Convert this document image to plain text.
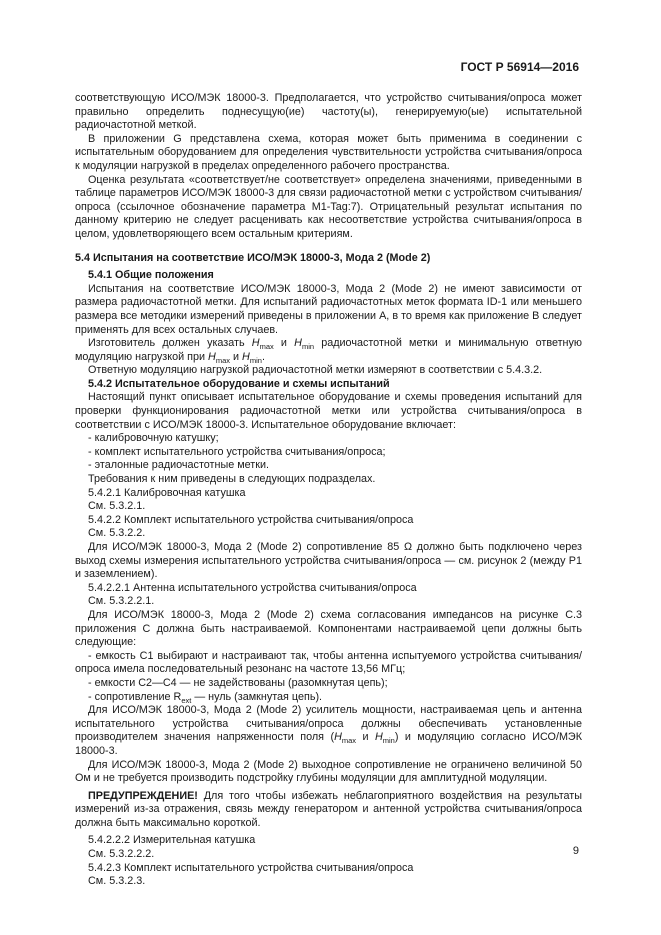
ГОСТ Р 56914—2016

соответствующую ИСО/МЭК 18000-3. Предполагается, что устройство считывания/опроса может правильно определить поднесущую(ие) частоту(ы), генерируемую(ые) испытательной радиочастотной меткой.

В приложении G представлена схема, которая может быть применима в соединении с испытательным оборудованием для определения чувствительности устройства считывания/опроса к модуляции нагрузкой в пределах определенного рабочего пространства.

Оценка результата «соответствует/не соответствует» определена значениями, приведенными в таблице параметров ИСО/МЭК 18000-3 для связи радиочастотной метки с устройством считывания/опроса (ссылочное обозначение параметра М1-Tag:7). Отрицательный результат испытания по данному критерию не следует расценивать как несоответствие устройства считывания/опроса в целом, удовлетворяющего всем остальным критериям.

5.4 Испытания на соответствие ИСО/МЭК 18000-3, Мода 2 (Mode 2)

5.4.1 Общие положения

Испытания на соответствие ИСО/МЭК 18000-3, Мода 2 (Mode 2) не имеют зависимости от размера радиочастотной метки. Для испытаний радиочастотных меток формата ID-1 или меньшего размера все методики измерений приведены в приложении А, в то время как приложение В следует применять для всех остальных случаев.

Изготовитель должен указать $H_{max}$ и $H_{min}$ радиочастотной метки и минимальную ответную модуляцию нагрузкой при $H_{max}$ и $H_{min}$.

Ответную модуляцию нагрузкой радиочастотной метки измеряют в соответствии с 5.4.3.2.

5.4.2 Испытательное оборудование и схемы испытаний

Настоящий пункт описывает испытательное оборудование и схемы проведения испытаний для проверки функционирования радиочастотной метки или устройства считывания/опроса в соответствии с ИСО/МЭК 18000-3. Испытательное оборудование включает:

- калибровочную катушку;

- комплект испытательного устройства считывания/опроса;

- эталонные радиочастотные метки.

Требования к ним приведены в следующих подразделах.

5.4.2.1 Калибровочная катушка

См. 5.3.2.1.

5.4.2.2 Комплект испытательного устройства считывания/опроса

См. 5.3.2.2.

Для ИСО/МЭК 18000-3, Мода 2 (Mode 2) сопротивление 85 Ω должно быть подключено через выход схемы измерения испытательного устройства считывания/опроса — см. рисунок 2 (между Р1 и заземлением).

5.4.2.2.1 Антенна испытательного устройства считывания/опроса

См. 5.3.2.2.1.

Для ИСО/МЭК 18000-3, Мода 2 (Mode 2) схема согласования импедансов на рисунке С.3 приложения С должна быть настраиваемой. Компонентами настраиваемой цепи должны быть следующие:

- емкость С1 выбирают и настраивают так, чтобы антенна испытуемого устройства считывания/опроса имела последовательный резонанс на частоте 13,56 МГц;

- емкости С2—С4 — не задействованы (разомкнутая цепь);

- сопротивление $R_{ext}$ — нуль (замкнутая цепь).

Для ИСО/МЭК 18000-3, Мода 2 (Mode 2) усилитель мощности, настраиваемая цепь и антенна испытательного устройства считывания/опроса должны обеспечивать установленные производителем значения напряженности поля ($H_{max}$ и $H_{min}$) и модуляцию согласно ИСО/МЭК 18000-3.

Для ИСО/МЭК 18000-3, Мода 2 (Mode 2) выходное сопротивление не ограничено величиной 50 Ом и не требуется производить подстройку глубины модуляции для амплитудной модуляции.

ПРЕДУПРЕЖДЕНИЕ! Для того чтобы избежать неблагоприятного воздействия на результаты измерений из-за отражения, связь между генератором и антенной устройства считывания/опроса должна быть максимально короткой.

5.4.2.2.2 Измерительная катушка

См. 5.3.2.2.2.

5.4.2.3 Комплект испытательного устройства считывания/опроса

См. 5.3.2.3.

9
